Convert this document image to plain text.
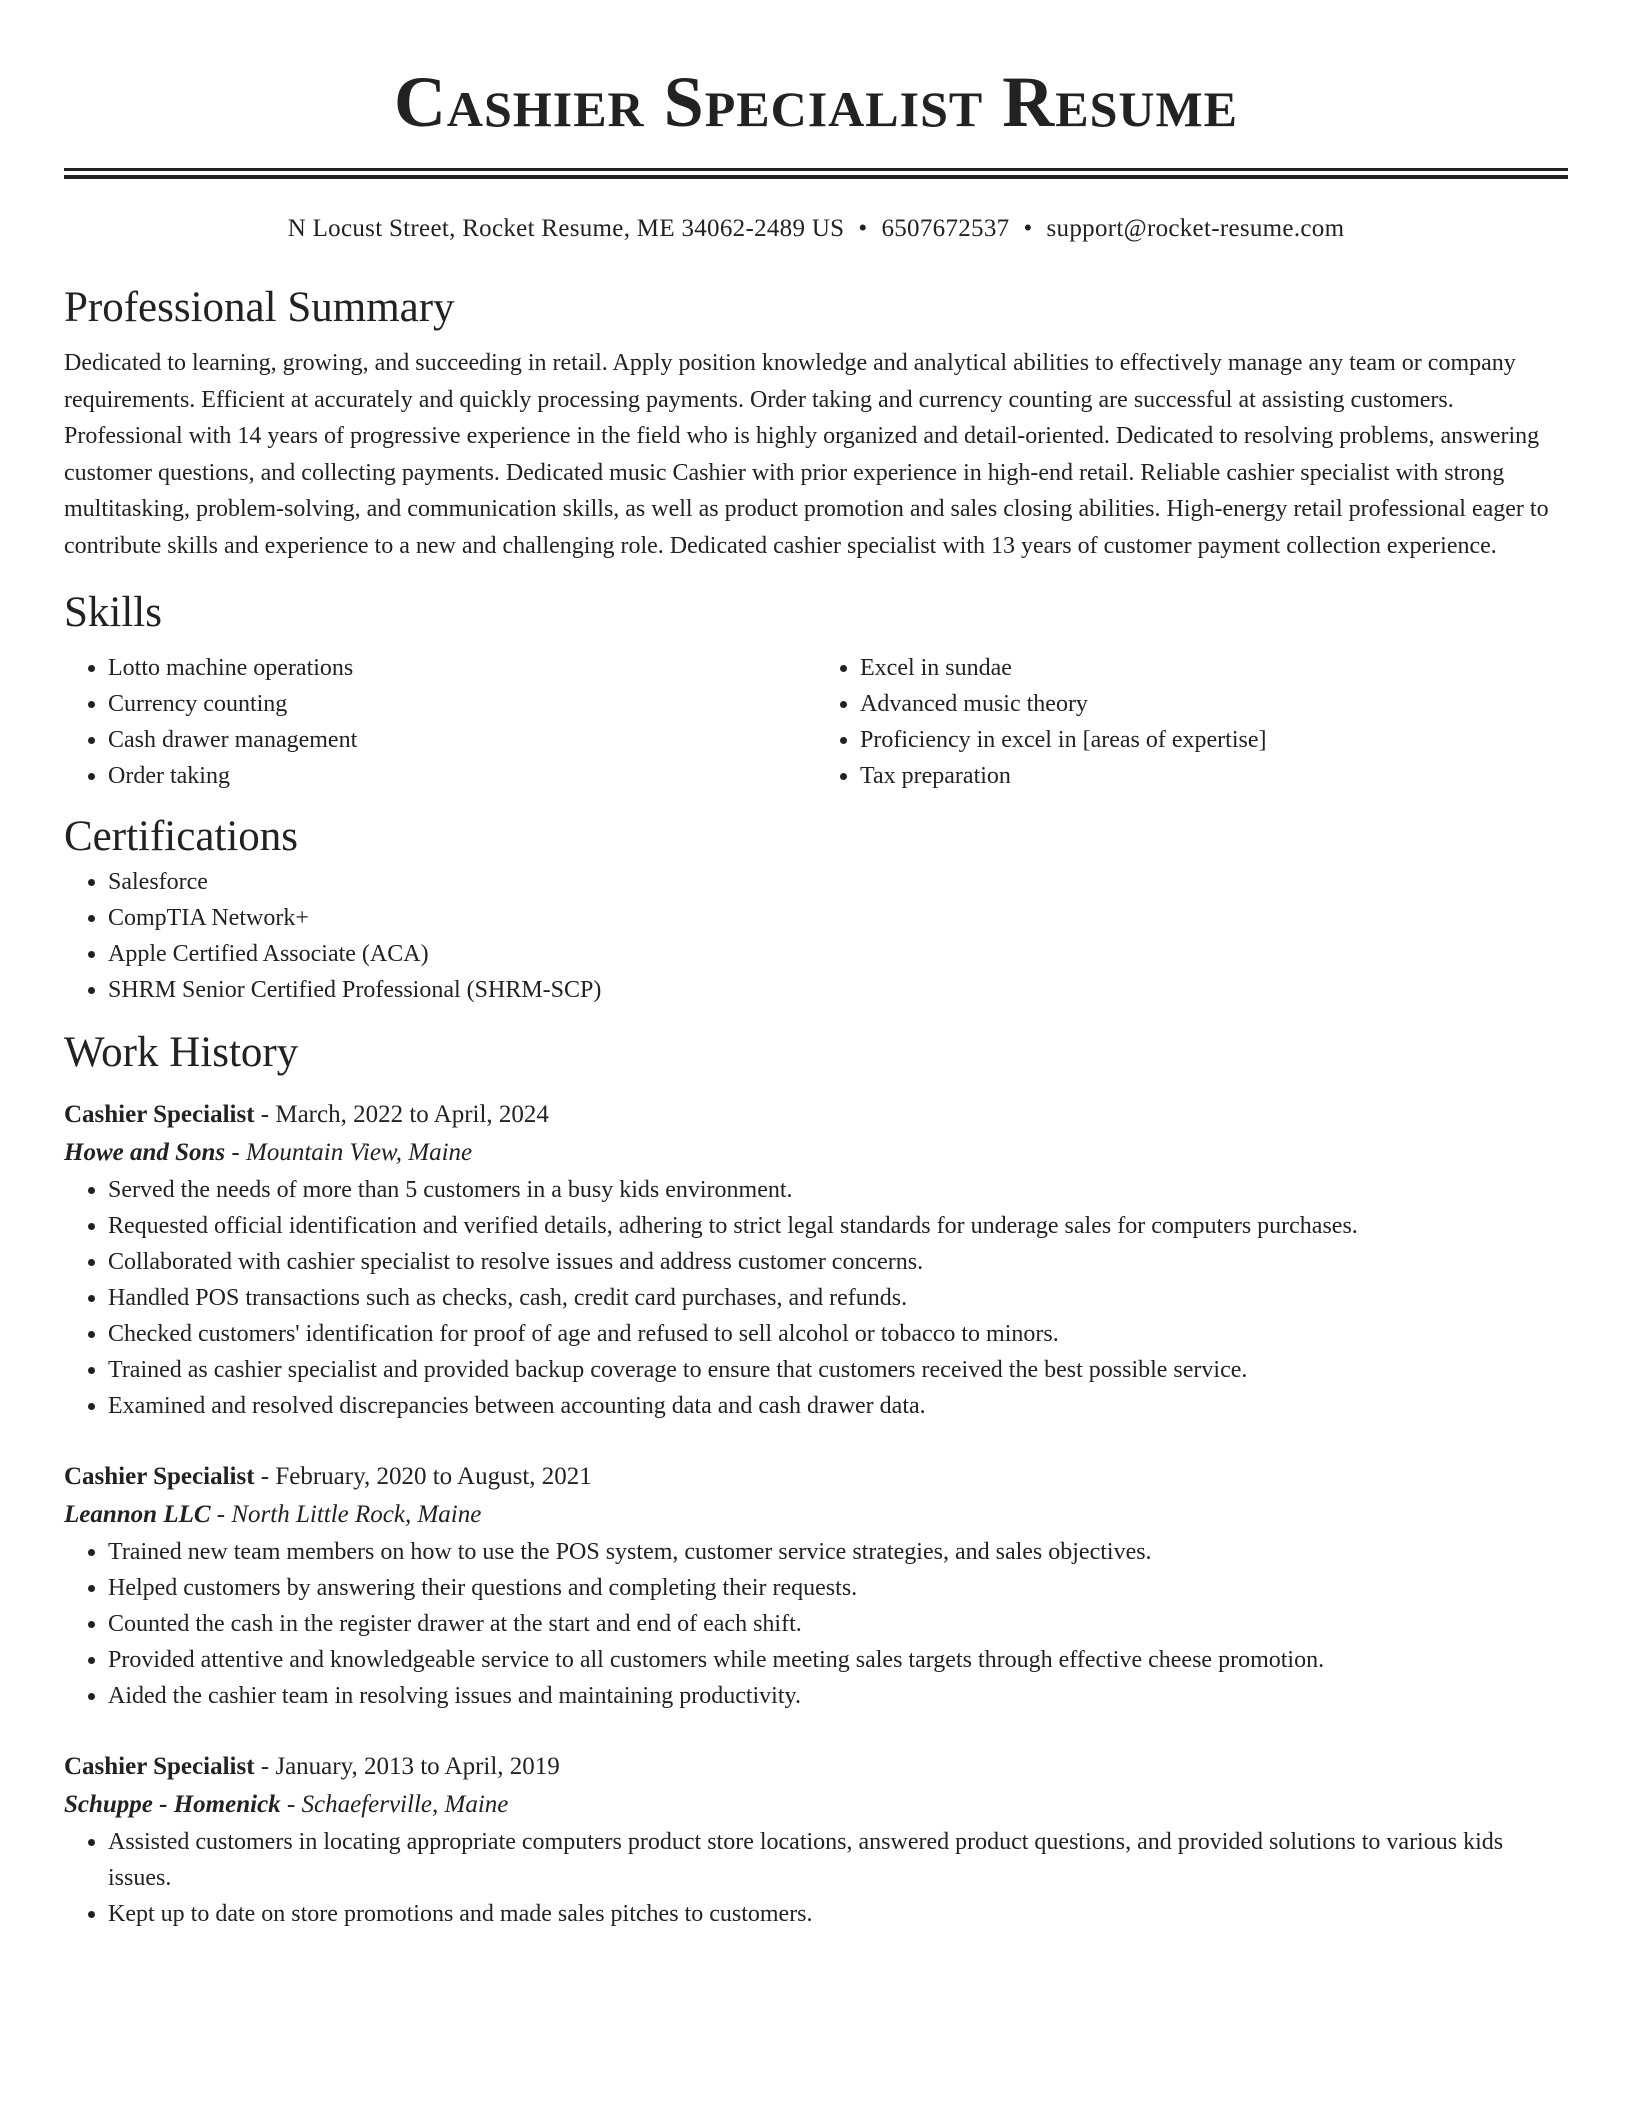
Cashier Specialist Resume
N Locust Street, Rocket Resume, ME 34062-2489 US • 6507672537 • support@rocket-resume.com
Professional Summary

Dedicated to learning, growing, and succeeding in retail. Apply position knowledge and analytical abilities to effectively manage any team or company requirements. Efficient at accurately and quickly processing payments. Order taking and currency counting are successful at assisting customers. Professional with 14 years of progressive experience in the field who is highly organized and detail-oriented. Dedicated to resolving problems, answering customer questions, and collecting payments. Dedicated music Cashier with prior experience in high-end retail. Reliable cashier specialist with strong multitasking, problem-solving, and communication skills, as well as product promotion and sales closing abilities. High-energy retail professional eager to contribute skills and experience to a new and challenging role. Dedicated cashier specialist with 13 years of customer payment collection experience.

Skills
• Lotto machine operations
• Currency counting
• Cash drawer management
• Order taking
• Excel in sundae
• Advanced music theory
• Proficiency in excel in [areas of expertise]
• Tax preparation
Certifications
• Salesforce
• CompTIA Network+
• Apple Certified Associate (ACA)
• SHRM Senior Certified Professional (SHRM-SCP)
Work History
Cashier Specialist - March, 2022 to April, 2024
Howe and Sons - Mountain View, Maine
• Served the needs of more than 5 customers in a busy kids environment.
• Requested official identification and verified details, adhering to strict legal standards for underage sales for computers purchases.
• Collaborated with cashier specialist to resolve issues and address customer concerns.
• Handled POS transactions such as checks, cash, credit card purchases, and refunds.
• Checked customers' identification for proof of age and refused to sell alcohol or tobacco to minors.
• Trained as cashier specialist and provided backup coverage to ensure that customers received the best possible service.
• Examined and resolved discrepancies between accounting data and cash drawer data.
Cashier Specialist - February, 2020 to August, 2021
Leannon LLC - North Little Rock, Maine
• Trained new team members on how to use the POS system, customer service strategies, and sales objectives.
• Helped customers by answering their questions and completing their requests.
• Counted the cash in the register drawer at the start and end of each shift.
• Provided attentive and knowledgeable service to all customers while meeting sales targets through effective cheese promotion.
• Aided the cashier team in resolving issues and maintaining productivity.
Cashier Specialist - January, 2013 to April, 2019
Schuppe - Homenick - Schaeferville, Maine
• Assisted customers in locating appropriate computers product store locations, answered product questions, and provided solutions to various kids issues.
• Kept up to date on store promotions and made sales pitches to customers.
